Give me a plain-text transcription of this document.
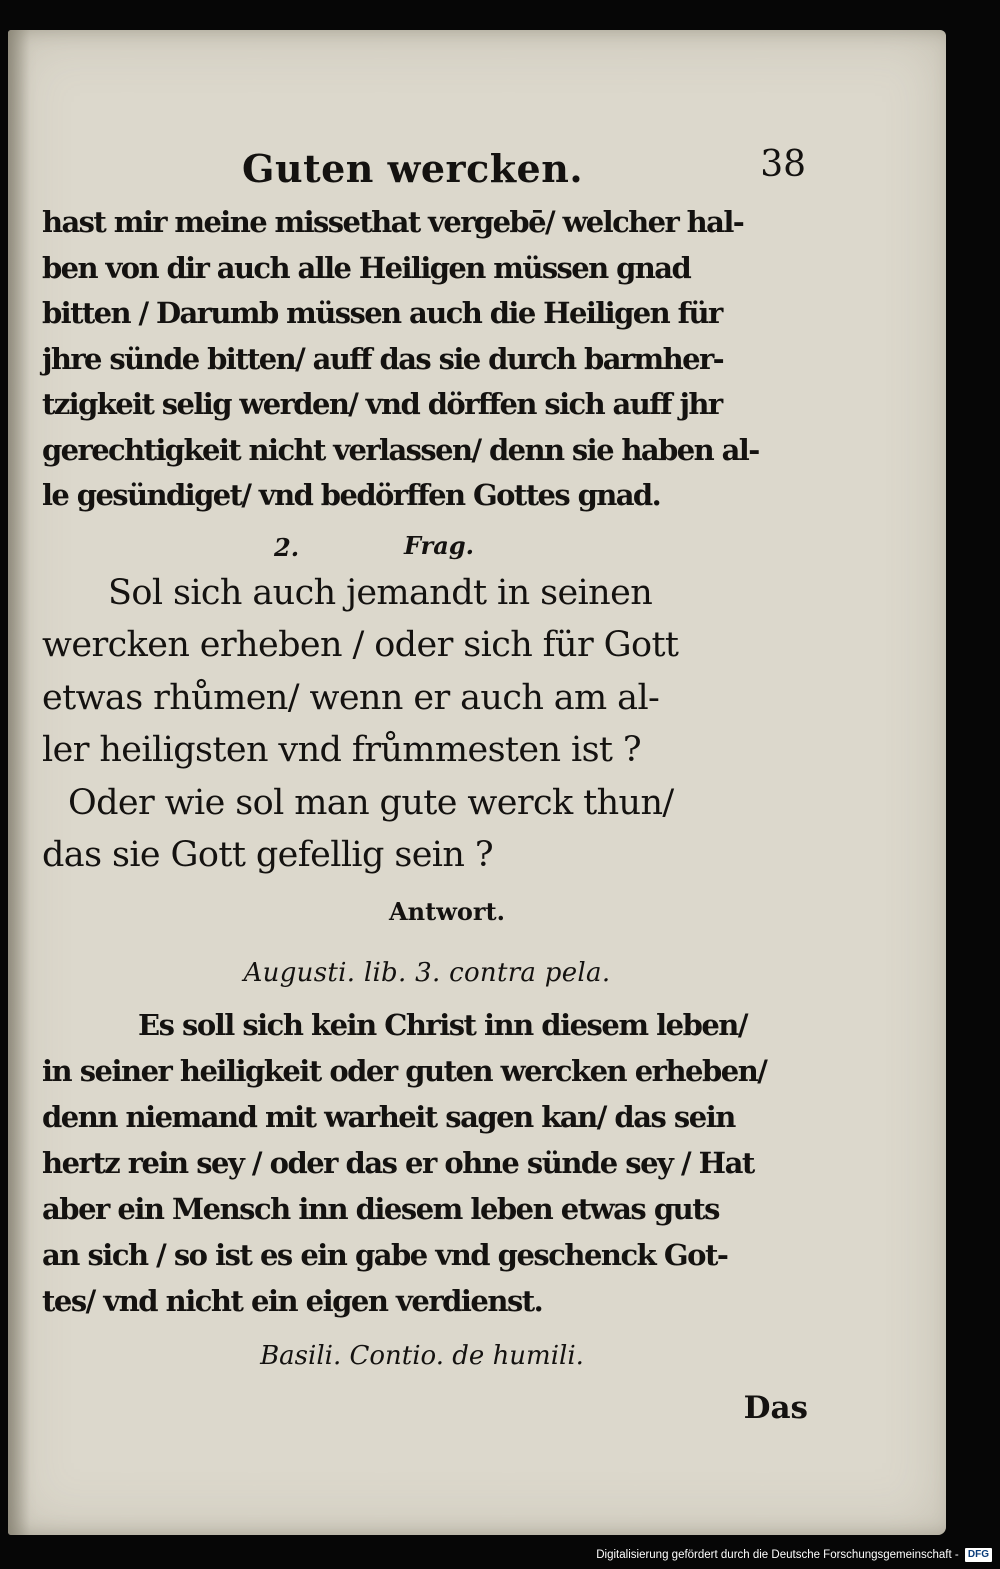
Guten wercken.	38

hast mir meine missethat vergebē/ welcher hal-
ben von dir auch alle Heiligen müssen gnad
bitten / Darumb müssen auch die Heiligen für
jhre sünde bitten/ auff das sie durch barmher-
tzigkeit selig werden/ vnd dörffen sich auff jhr
gerechtigkeit nicht verlassen/ denn sie haben al-
le gesündiget/ vnd bedörffen Gottes gnad.

2.	Frag.

Sol sich auch jemandt in seinen
wercken erheben / oder sich für Gott
etwas rhůmen/ wenn er auch am al-
ler heiligsten vnd frůmmesten ist ?
Oder wie sol man gute werck thun/
das sie Gott gefellig sein ?

Antwort.
Augusti. lib. 3. contra pela.

Es soll sich kein Christ inn diesem leben/
in seiner heiligkeit oder guten wercken erheben/
denn niemand mit warheit sagen kan/ das sein
hertz rein sey / oder das er ohne sünde sey / Hat
aber ein Mensch inn diesem leben etwas guts
an sich / so ist es ein gabe vnd geschenck Got-
tes/ vnd nicht ein eigen verdienst.

Basili. Contio. de humili.
Das
Digitalisierung gefördert durch die Deutsche Forschungsgemeinschaft - DFG
